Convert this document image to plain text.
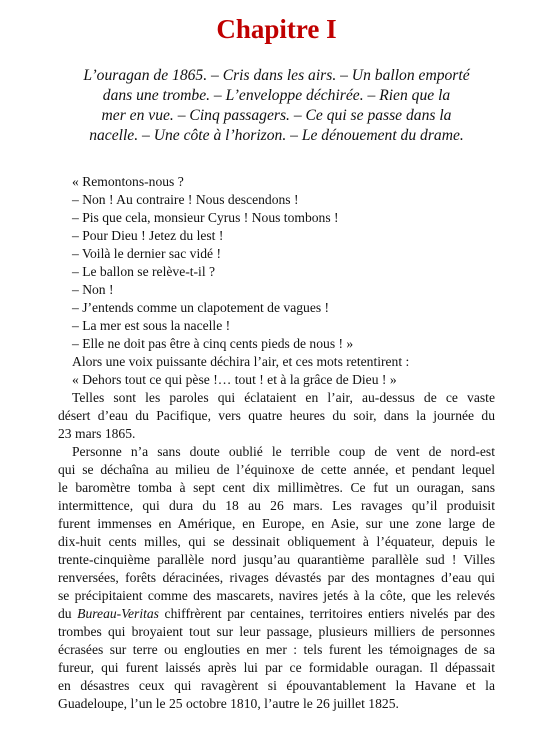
Chapitre I
L’ouragan de 1865. – Cris dans les airs. – Un ballon emporté
dans une trombe. – L’enveloppe déchirée. – Rien que la
mer en vue. – Cinq passagers. – Ce qui se passe dans la
nacelle. – Une côte à l’horizon. – Le dénouement du drame.
« Remontons-nous ?
– Non ! Au contraire ! Nous descendons !
– Pis que cela, monsieur Cyrus ! Nous tombons !
– Pour Dieu ! Jetez du lest !
– Voilà le dernier sac vidé !
– Le ballon se relève-t-il ?
– Non !
– J’entends comme un clapotement de vagues !
– La mer est sous la nacelle !
– Elle ne doit pas être à cinq cents pieds de nous ! »
Alors une voix puissante déchira l’air, et ces mots retentirent :
« Dehors tout ce qui pèse !… tout ! et à la grâce de Dieu ! »
Telles sont les paroles qui éclataient en l’air, au-dessus de ce vaste
désert d’eau du Pacifique, vers quatre heures du soir, dans la journée du
23 mars 1865.
Personne n’a sans doute oublié le terrible coup de vent de nord-est
qui se déchaîna au milieu de l’équinoxe de cette année, et pendant lequel
le baromètre tomba à sept cent dix millimètres. Ce fut un ouragan, sans
intermittence, qui dura du 18 au 26 mars. Les ravages qu’il produisit
furent immenses en Amérique, en Europe, en Asie, sur une zone large de
dix-huit cents milles, qui se dessinait obliquement à l’équateur, depuis le
trente-cinquième parallèle nord jusqu’au quarantième parallèle sud ! Villes
renversées, forêts déracinées, rivages dévastés par des montagnes d’eau qui
se précipitaient comme des mascarets, navires jetés à la côte, que les relevés
du Bureau-Veritas chiffrèrent par centaines, territoires entiers nivelés par des
trombes qui broyaient tout sur leur passage, plusieurs milliers de personnes
écrasées sur terre ou englouties en mer : tels furent les témoignages de sa
fureur, qui furent laissés après lui par ce formidable ouragan. Il dépassait
en désastres ceux qui ravagèrent si épouvantablement la Havane et la
Guadeloupe, l’un le 25 octobre 1810, l’autre le 26 juillet 1825.
